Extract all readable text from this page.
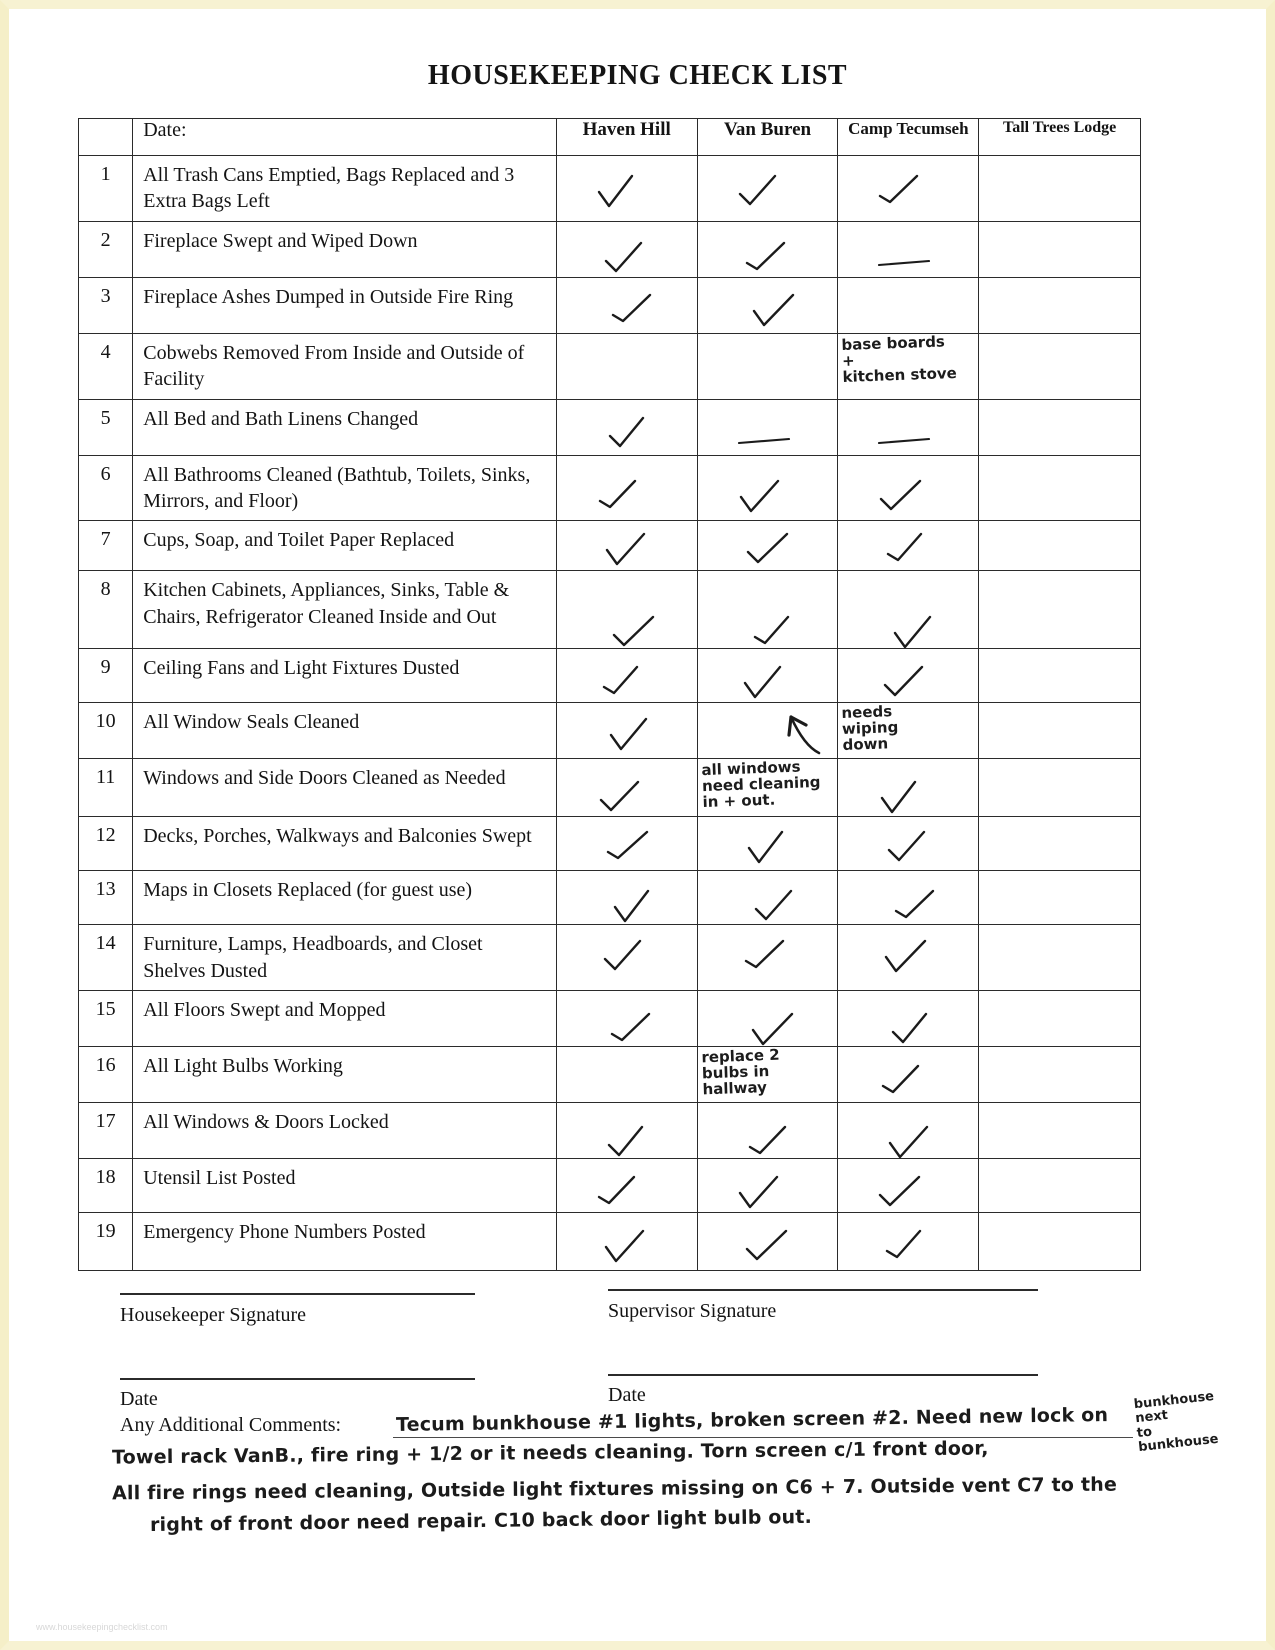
HOUSEKEEPING CHECK LIST
	Date:	Haven Hill	Van Buren	Camp Tecumseh	Tall Trees Lodge
1	All Trash Cans Emptied, Bags Replaced and 3 Extra Bags Left	

2	Fireplace Swept and Wiped Down	

3	Fireplace Ashes Dumped in Outside Fire Ring	

4	Cobwebs Removed From Inside and Outside of Facility			base boards
+
kitchen stove	

5	All Bed and Bath Linens Changed	

6	All Bathrooms Cleaned (Bathtub, Toilets, Sinks, Mirrors, and Floor)	

7	Cups, Soap, and Toilet Paper Replaced	

8	Kitchen Cabinets, Appliances, Sinks, Table & Chairs, Refrigerator Cleaned Inside and Out	

9	Ceiling Fans and Light Fixtures Dusted	

10	All Window Seals Cleaned			needs
wiping
down	

11	Windows and Side Doors Cleaned as Needed		all windows
need cleaning
in + out.

12	Decks, Porches, Walkways and Balconies Swept	

13	Maps in Closets Replaced (for guest use)	

14	Furniture, Lamps, Headboards, and Closet Shelves Dusted	

15	All Floors Swept and Mopped	

16	All Light Bulbs Working		replace 2
bulbs in
hallway

17	All Windows & Doors Locked	

18	Utensil List Posted	

19	Emergency Phone Numbers Posted	

Housekeeper Signature	Supervisor Signature
Date	Date
Any Additional Comments:	Tecum bunkhouse #1 lights, broken screen #2. Need new lock on
Towel rack VanB., fire ring + 1/2 or it needs cleaning. Torn screen c/1 front door,
All fire rings need cleaning, Outside light fixtures missing on C6 + 7. Outside vent C7 to the
right of front door need repair. C10 back door light bulb out.
bunkhouse
next
to
bunkhouse
www.housekeepingchecklist.com
